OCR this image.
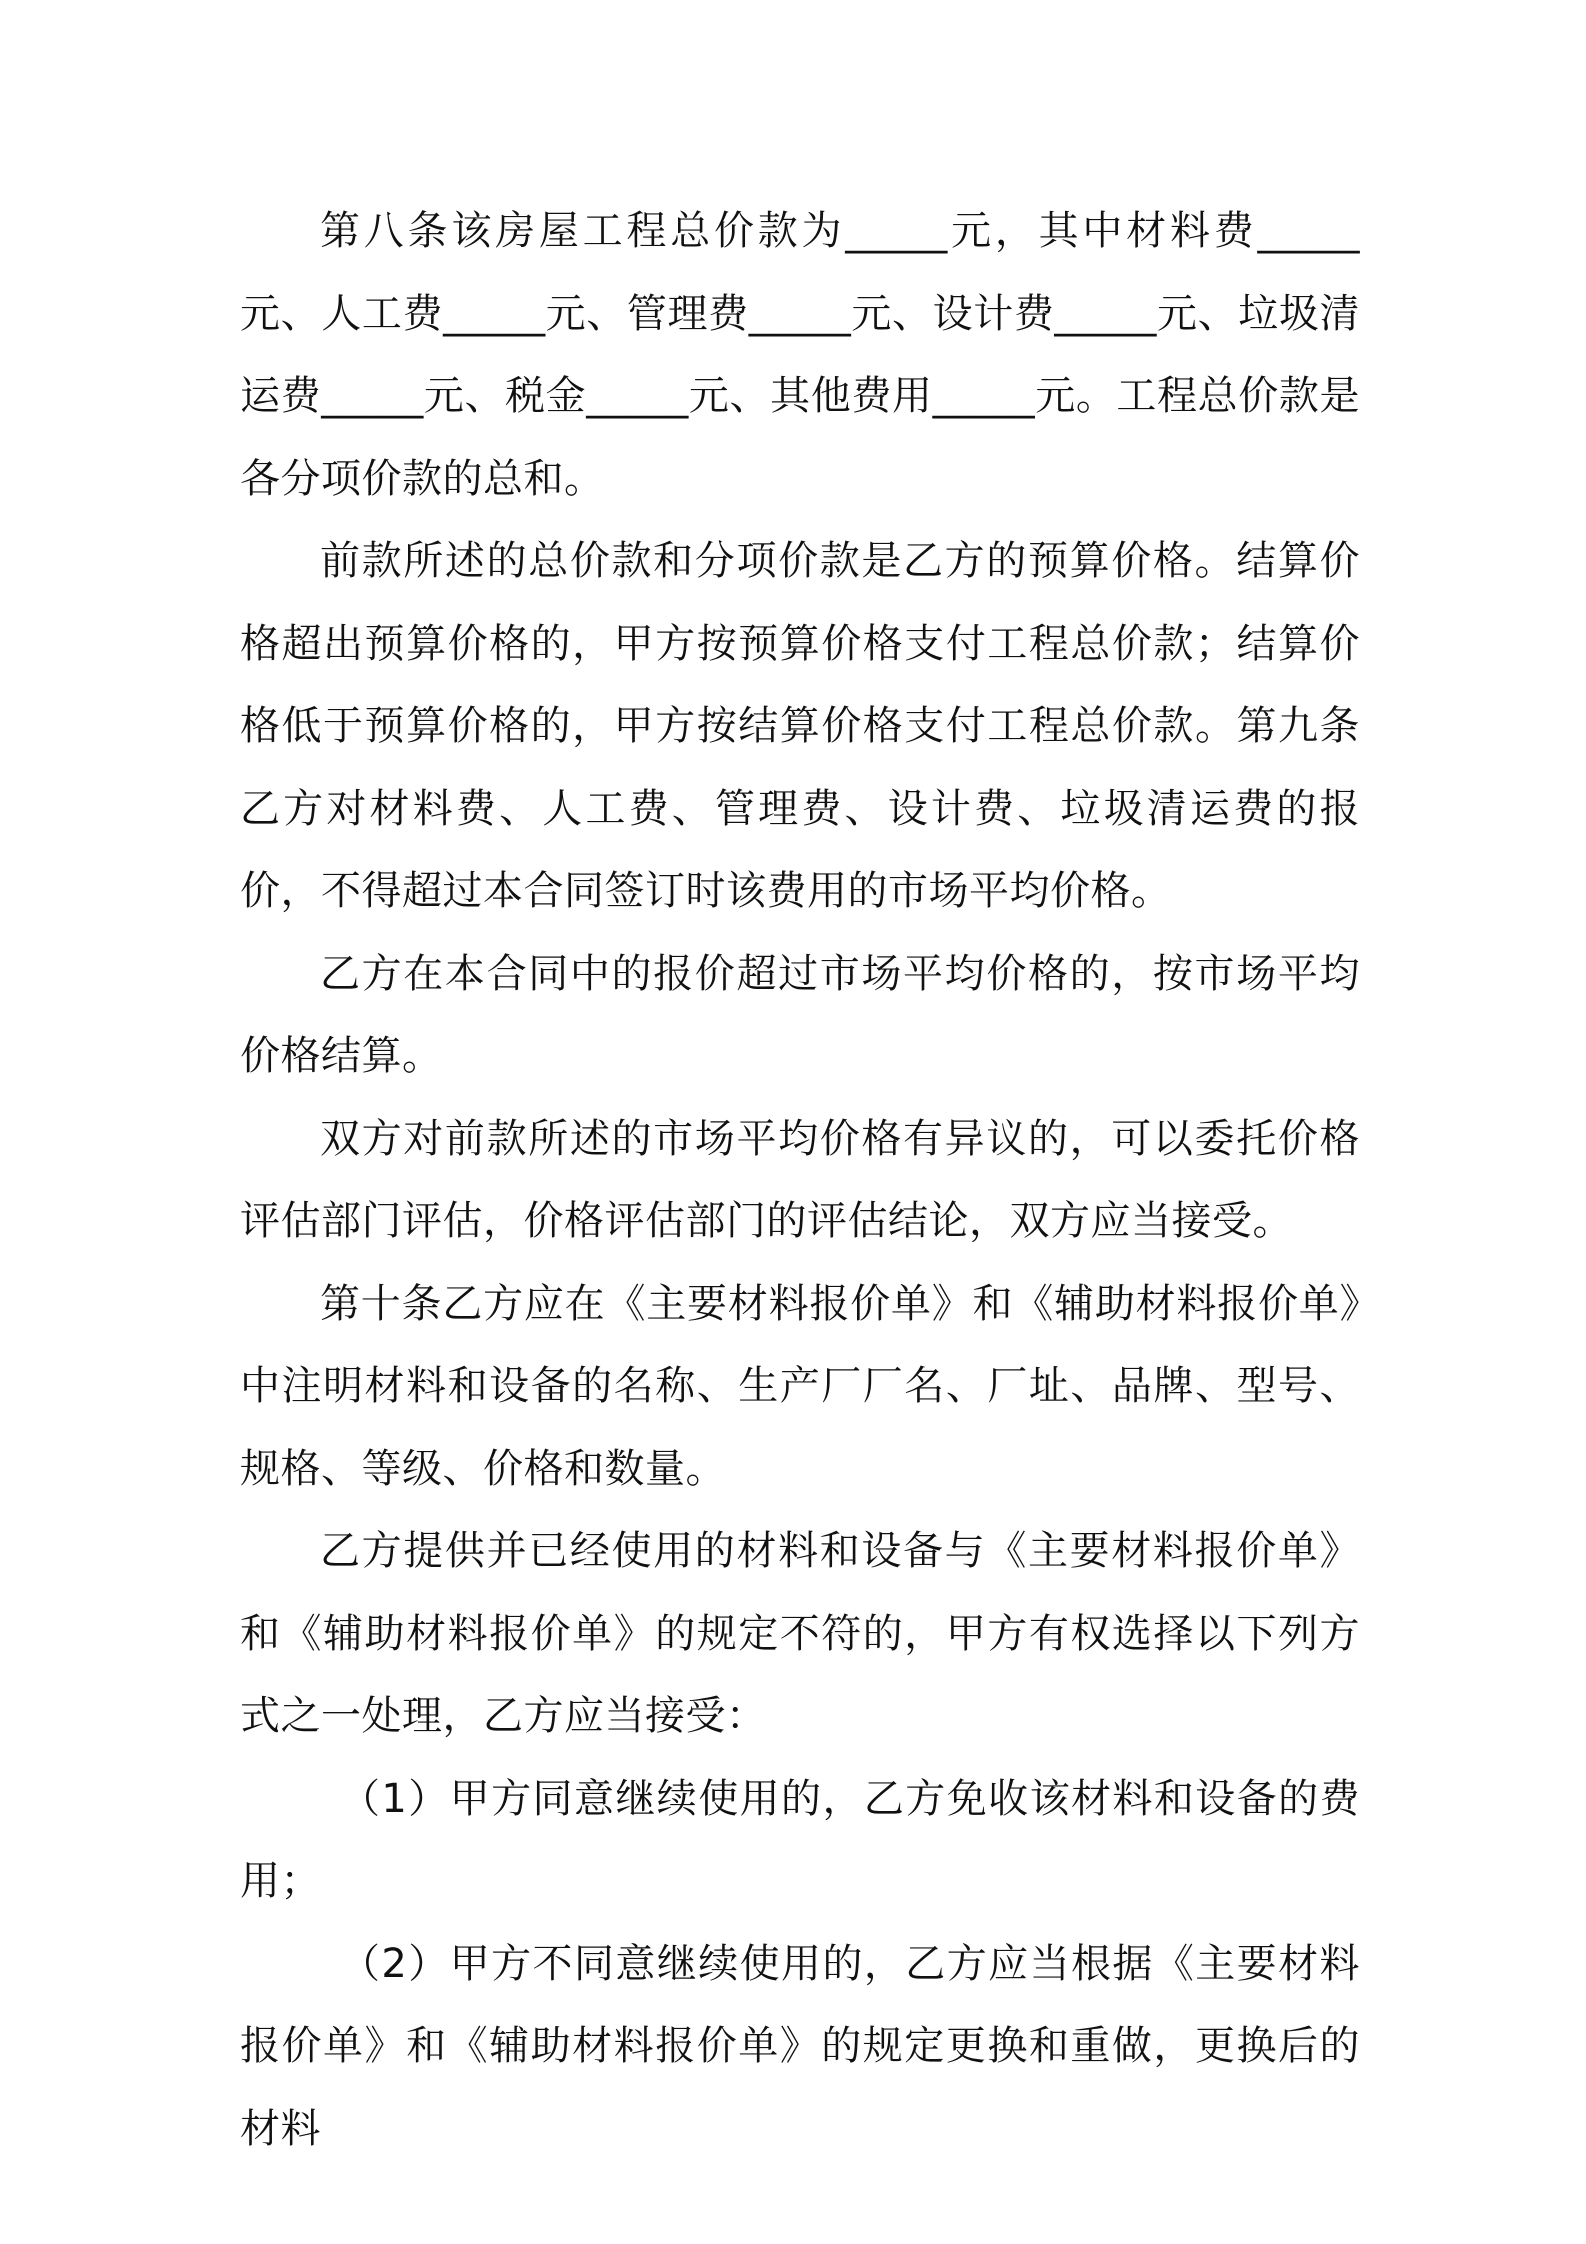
第八条该房屋工程总价款为_____元，其中材料费_____元、人工费_____元、管理费_____元、设计费_____元、垃圾清运费_____元、税金_____元、其他费用_____元。工程总价款是各分项价款的总和。

前款所述的总价款和分项价款是乙方的预算价格。结算价格超出预算价格的，甲方按预算价格支付工程总价款；结算价格低于预算价格的，甲方按结算价格支付工程总价款。第九条乙方对材料费、人工费、管理费、设计费、垃圾清运费的报价，不得超过本合同签订时该费用的市场平均价格。

乙方在本合同中的报价超过市场平均价格的，按市场平均价格结算。

双方对前款所述的市场平均价格有异议的，可以委托价格评估部门评估，价格评估部门的评估结论，双方应当接受。

第十条乙方应在《主要材料报价单》和《辅助材料报价单》中注明材料和设备的名称、生产厂厂名、厂址、品牌、型号、规格、等级、价格和数量。

乙方提供并已经使用的材料和设备与《主要材料报价单》和《辅助材料报价单》的规定不符的，甲方有权选择以下列方式之一处理，乙方应当接受：

（1）甲方同意继续使用的，乙方免收该材料和设备的费用；

（2）甲方不同意继续使用的，乙方应当根据《主要材料报价单》和《辅助材料报价单》的规定更换和重做，更换后的材料
